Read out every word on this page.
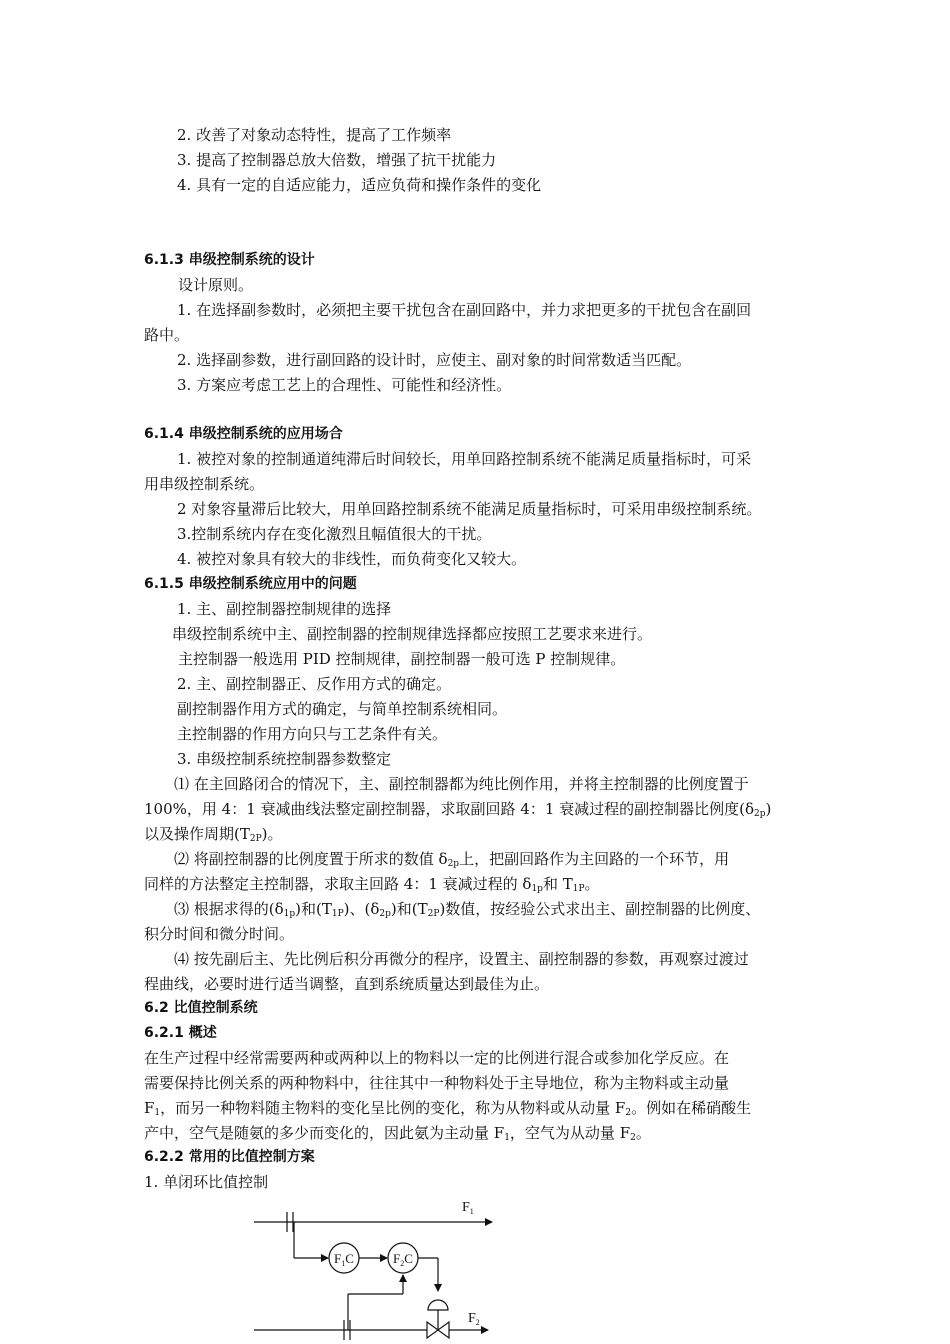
2. 改善了对象动态特性，提高了工作频率
3. 提高了控制器总放大倍数，增强了抗干扰能力
4. 具有一定的自适应能力，适应负荷和操作条件的变化
6.1.3 串级控制系统的设计
设计原则。
1. 在选择副参数时，必须把主要干扰包含在副回路中，并力求把更多的干扰包含在副回
路中。
2. 选择副参数，进行副回路的设计时，应使主、副对象的时间常数适当匹配。
3. 方案应考虑工艺上的合理性、可能性和经济性。
6.1.4 串级控制系统的应用场合
1. 被控对象的控制通道纯滞后时间较长，用单回路控制系统不能满足质量指标时，可采
用串级控制系统。
2 对象容量滞后比较大，用单回路控制系统不能满足质量指标时，可采用串级控制系统。
3.控制系统内存在变化激烈且幅值很大的干扰。
4. 被控对象具有较大的非线性，而负荷变化又较大。
6.1.5 串级控制系统应用中的问题
1. 主、副控制器控制规律的选择
串级控制系统中主、副控制器的控制规律选择都应按照工艺要求来进行。
主控制器一般选用 PID 控制规律，副控制器一般可选 P 控制规律。
2. 主、副控制器正、反作用方式的确定。
副控制器作用方式的确定，与简单控制系统相同。
主控制器的作用方向只与工艺条件有关。
3. 串级控制系统控制器参数整定
⑴ 在主回路闭合的情况下，主、副控制器都为纯比例作用，并将主控制器的比例度置于
100%，用 4：1 衰减曲线法整定副控制器，求取副回路 4：1 衰减过程的副控制器比例度$(\delta_{2p})$
以及操作周期$(T_{2P})$。
⑵ 将副控制器的比例度置于所求的数值 $\delta_{2p}$上，把副回路作为主回路的一个环节，用
同样的方法整定主控制器，求取主回路 4：1 衰减过程的 $\delta_{1p}$和 $T_{1P}$。
⑶ 根据求得的$(\delta_{1p})$和$(T_{1P})$、$(\delta_{2p})$和$(T_{2P})$数值，按经验公式求出主、副控制器的比例度、
积分时间和微分时间。
⑷ 按先副后主、先比例后积分再微分的程序，设置主、副控制器的参数，再观察过渡过
程曲线，必要时进行适当调整，直到系统质量达到最佳为止。
6.2 比值控制系统
6.2.1 概述
在生产过程中经常需要两种或两种以上的物料以一定的比例进行混合或参加化学反应。在
需要保持比例关系的两种物料中，往往其中一种物料处于主导地位，称为主物料或主动量
$F_1$，而另一种物料随主物料的变化呈比例的变化，称为从物料或从动量 $F_2$。例如在稀硝酸生
产中，空气是随氨的多少而变化的，因此氨为主动量 $F_1$，空气为从动量 $F_2$。
6.2.2 常用的比值控制方案
1. 单闭环比值控制
$F_1$
$F_1C$	$F_2C$
$F_2$
